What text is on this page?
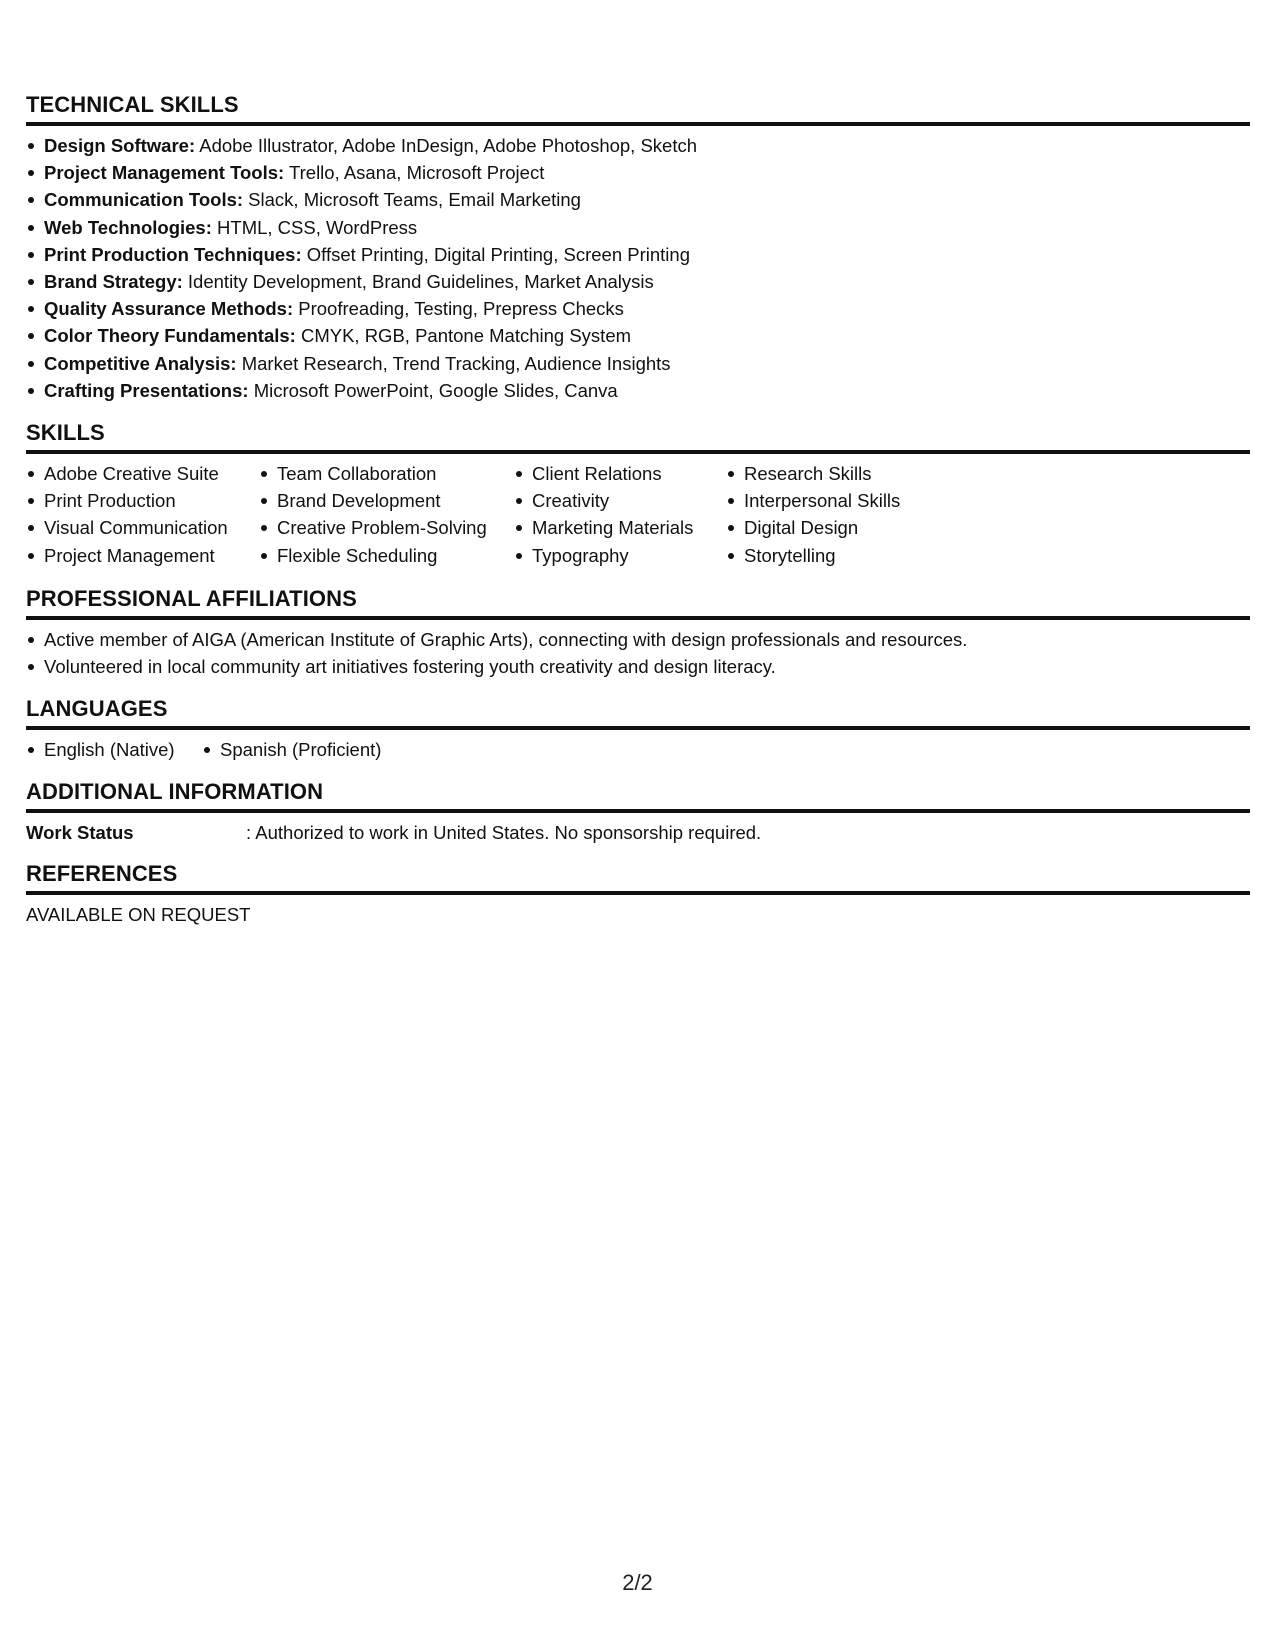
TECHNICAL SKILLS
Design Software: Adobe Illustrator, Adobe InDesign, Adobe Photoshop, Sketch
Project Management Tools: Trello, Asana, Microsoft Project
Communication Tools: Slack, Microsoft Teams, Email Marketing
Web Technologies: HTML, CSS, WordPress
Print Production Techniques: Offset Printing, Digital Printing, Screen Printing
Brand Strategy: Identity Development, Brand Guidelines, Market Analysis
Quality Assurance Methods: Proofreading, Testing, Prepress Checks
Color Theory Fundamentals: CMYK, RGB, Pantone Matching System
Competitive Analysis: Market Research, Trend Tracking, Audience Insights
Crafting Presentations: Microsoft PowerPoint, Google Slides, Canva
SKILLS
Adobe Creative Suite
Print Production
Visual Communication
Project Management
Team Collaboration
Brand Development
Creative Problem-Solving
Flexible Scheduling
Client Relations
Creativity
Marketing Materials
Typography
Research Skills
Interpersonal Skills
Digital Design
Storytelling
PROFESSIONAL AFFILIATIONS
Active member of AIGA (American Institute of Graphic Arts), connecting with design professionals and resources.
Volunteered in local community art initiatives fostering youth creativity and design literacy.
LANGUAGES
English (Native)	Spanish (Proficient)
ADDITIONAL INFORMATION
Work Status	: Authorized to work in United States. No sponsorship required.
REFERENCES
AVAILABLE ON REQUEST
2/2
